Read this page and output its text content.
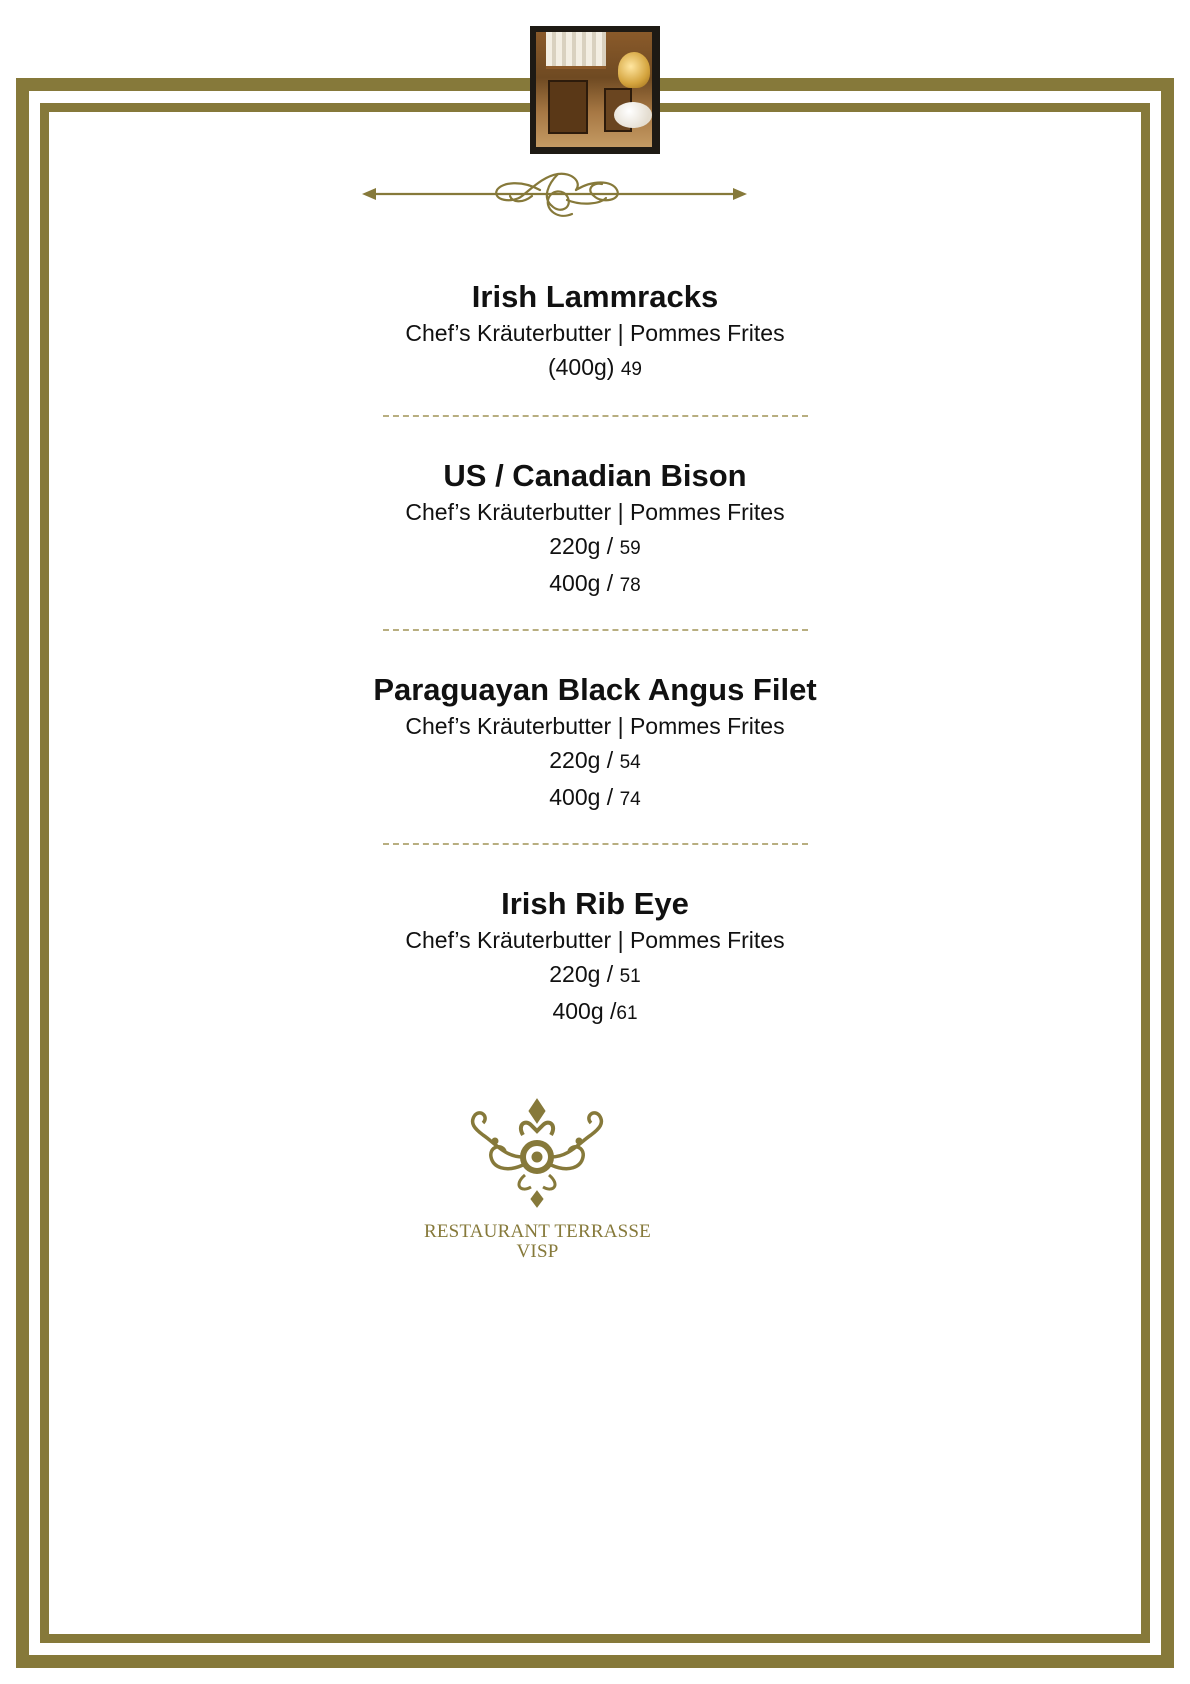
Irish Lammracks
Chef’s Kräuterbutter | Pommes Frites
(400g) 49
US / Canadian Bison
Chef’s Kräuterbutter | Pommes Frites
220g / 59
400g / 78
Paraguayan Black Angus Filet
Chef’s Kräuterbutter | Pommes Frites
220g / 54
400g / 74
Irish Rib Eye
Chef’s Kräuterbutter | Pommes Frites
220g / 51
400g /61
RESTAURANT TERRASSE
VISP
